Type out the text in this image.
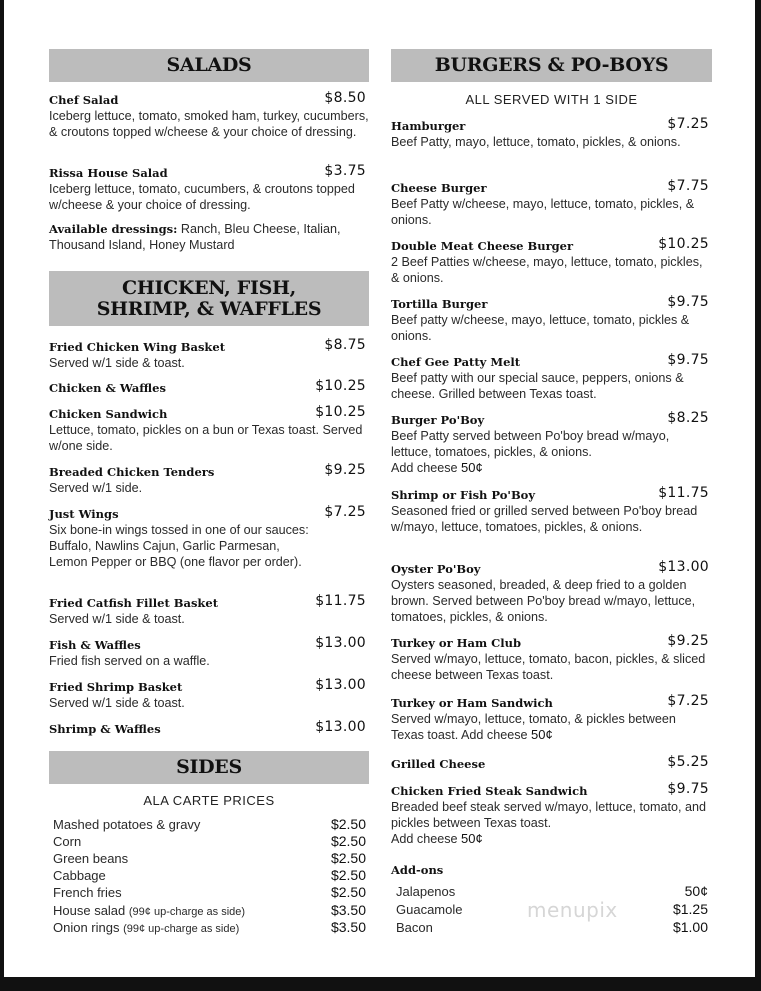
SALADS
Chef Salad	$8.50
Iceberg lettuce, tomato, smoked ham, turkey, cucumbers, & croutons topped w/cheese & your choice of dressing.
Rissa House Salad	$3.75
Iceberg lettuce, tomato, cucumbers, & croutons topped w/cheese & your choice of dressing.
Available dressings: Ranch, Bleu Cheese, Italian, Thousand Island, Honey Mustard
CHICKEN, FISH,
SHRIMP, & WAFFLES
Fried Chicken Wing Basket	$8.75
Served w/1 side & toast.
Chicken & Waffles	$10.25
Chicken Sandwich	$10.25
Lettuce, tomato, pickles on a bun or Texas toast. Served w/one side.
Breaded Chicken Tenders	$9.25
Served w/1 side.
Just Wings	$7.25
Six bone-in wings tossed in one of our sauces: Buffalo, Nawlins Cajun, Garlic Parmesan, Lemon Pepper or BBQ (one flavor per order).
Fried Catfish Fillet Basket	$11.75
Served w/1 side & toast.
Fish & Waffles	$13.00
Fried fish served on a waffle.
Fried Shrimp Basket	$13.00
Served w/1 side & toast.
Shrimp & Waffles	$13.00
SIDES
ALA CARTE PRICES
Mashed potatoes & gravy	$2.50
Corn	$2.50
Green beans	$2.50
Cabbage	$2.50
French fries	$2.50
House salad (99¢ up-charge as side)	$3.50
Onion rings (99¢ up-charge as side)	$3.50
BURGERS & PO-BOYS
ALL SERVED WITH 1 SIDE
Hamburger	$7.25
Beef Patty, mayo, lettuce, tomato, pickles, & onions.
Cheese Burger	$7.75
Beef Patty w/cheese, mayo, lettuce, tomato, pickles, & onions.
Double Meat Cheese Burger	$10.25
2 Beef Patties w/cheese, mayo, lettuce, tomato, pickles, & onions.
Tortilla Burger	$9.75
Beef patty w/cheese, mayo, lettuce, tomato, pickles & onions.
Chef Gee Patty Melt	$9.75
Beef patty with our special sauce, peppers, onions & cheese. Grilled between Texas toast.
Burger Po'Boy	$8.25
Beef Patty served between Po'boy bread w/mayo, lettuce, tomatoes, pickles, & onions.
Add cheese 50¢
Shrimp or Fish Po'Boy	$11.75
Seasoned fried or grilled served between Po'boy bread w/mayo, lettuce, tomatoes, pickles, & onions.
Oyster Po'Boy	$13.00
Oysters seasoned, breaded, & deep fried to a golden brown. Served between Po'boy bread w/mayo, lettuce, tomatoes, pickles, & onions.
Turkey or Ham Club	$9.25
Served w/mayo, lettuce, tomato, bacon, pickles, & sliced cheese between Texas toast.
Turkey or Ham Sandwich	$7.25
Served w/mayo, lettuce, tomato, & pickles between Texas toast. Add cheese 50¢
Grilled Cheese	$5.25
Chicken Fried Steak Sandwich	$9.75
Breaded beef steak served w/mayo, lettuce, tomato, and pickles between Texas toast.
Add cheese 50¢
Add-ons
Jalapenos	50¢
Guacamole	$1.25
Bacon	$1.00
menupix
